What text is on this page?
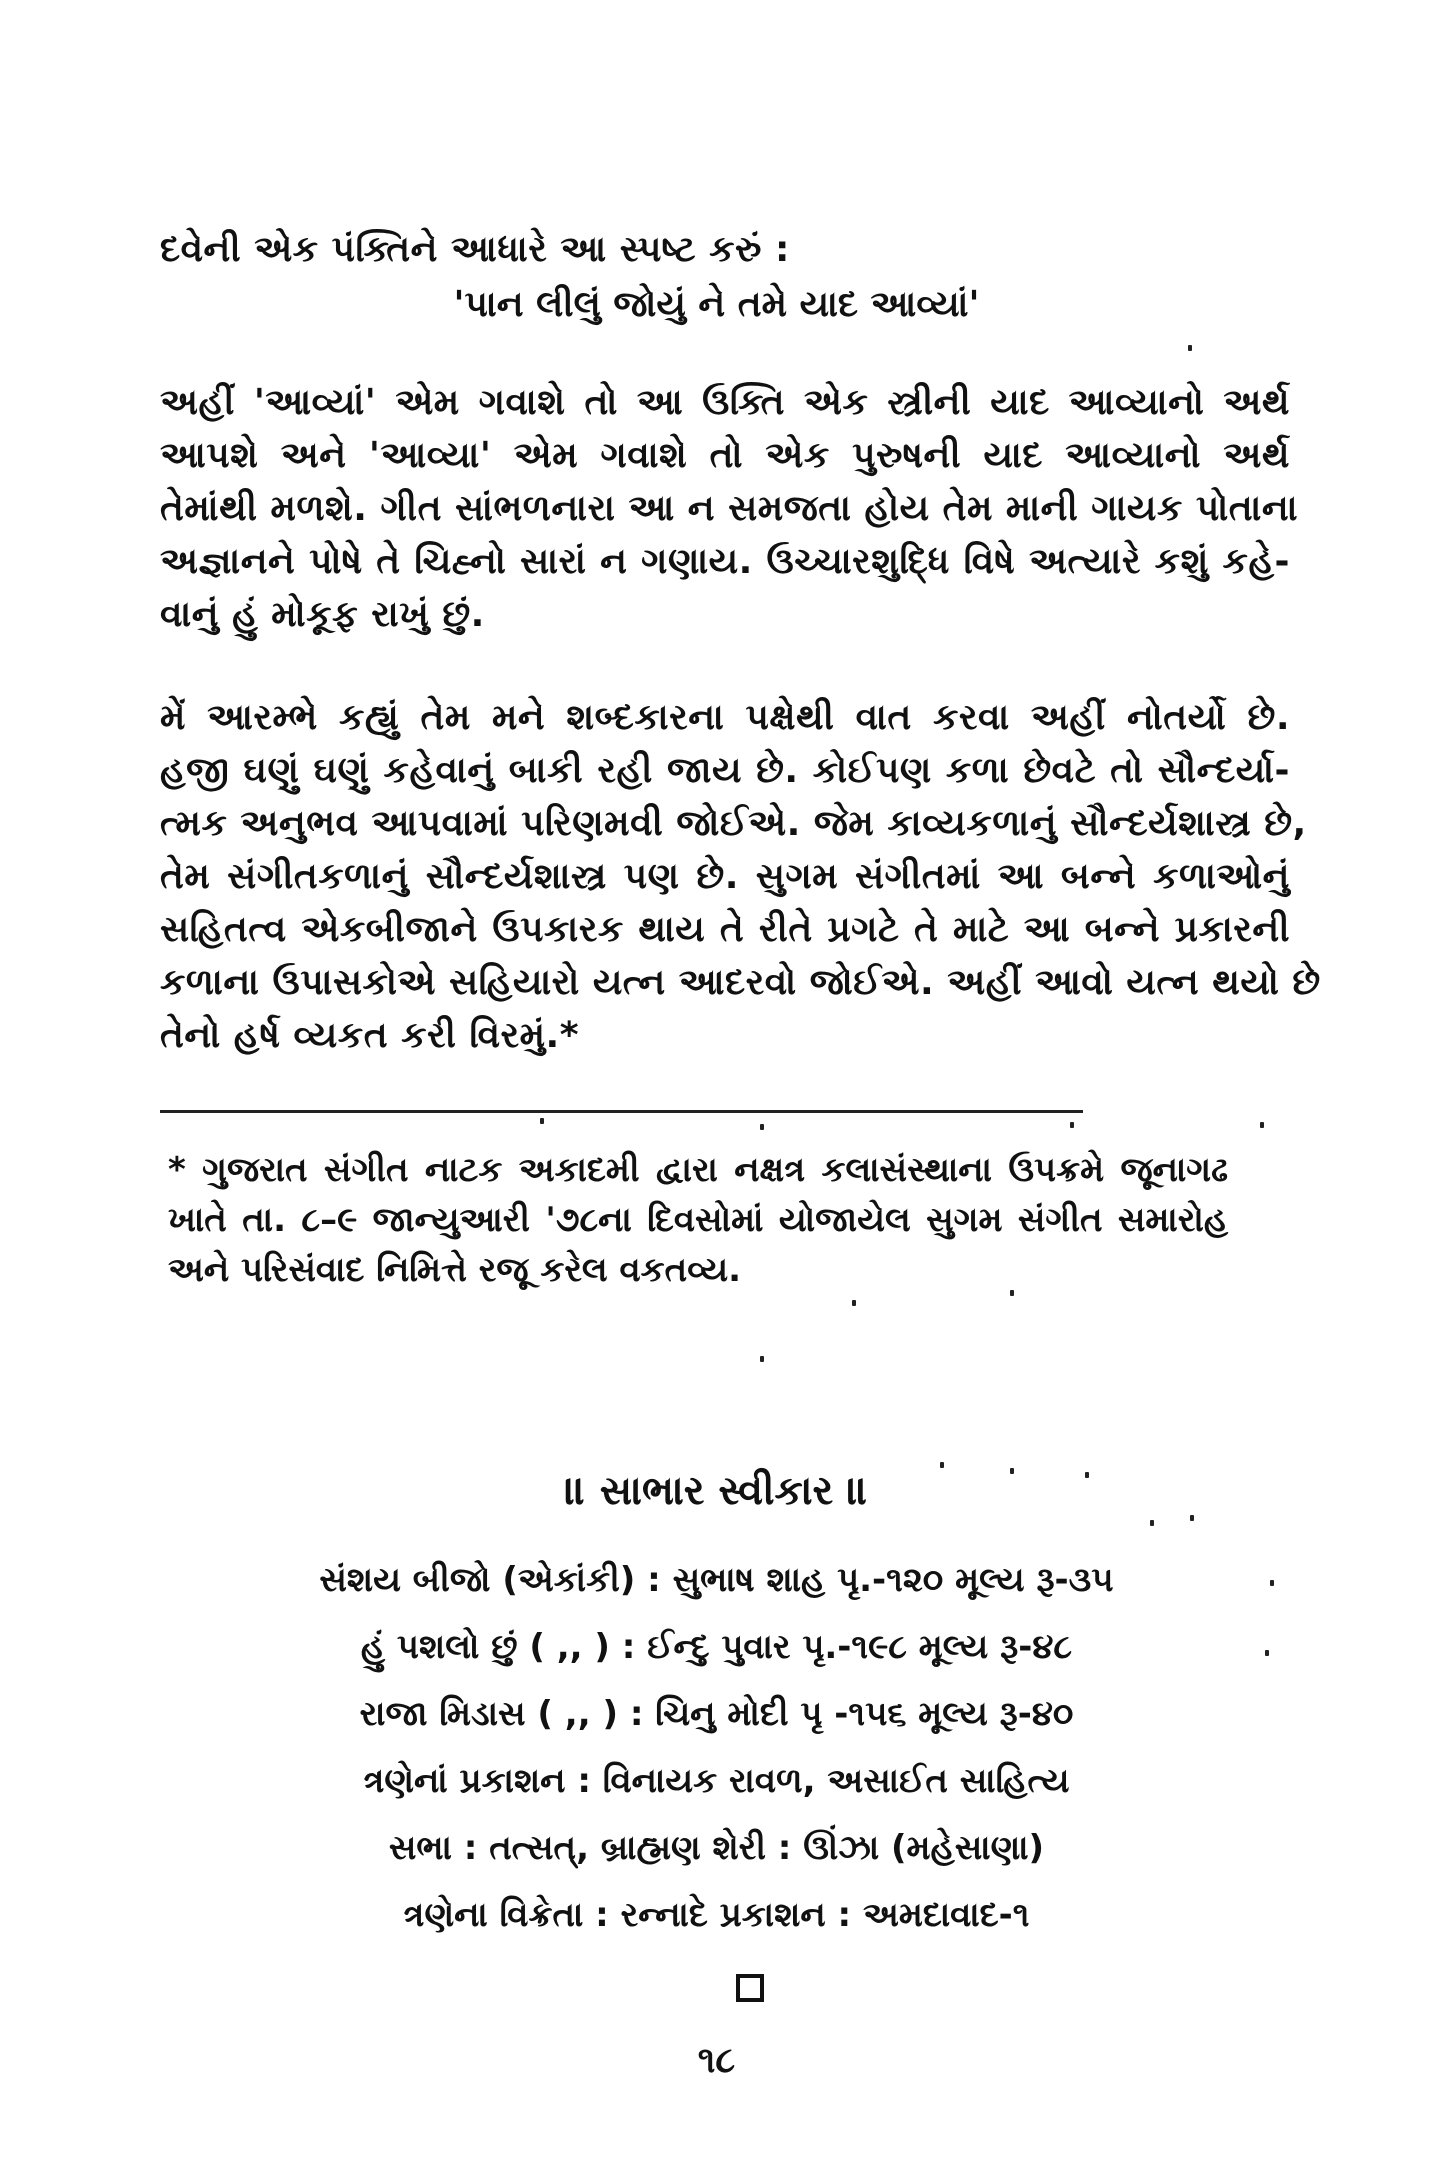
દવેની એક પંક્તિને આધારે આ સ્પષ્ટ કરું :
'પાન લીલું જોયું ને તમે યાદ આવ્યાં'
અહીં 'આવ્યાં' એમ ગવાશે તો આ ઉક્તિ એક સ્ત્રીની યાદ આવ્યાનો અર્થ
આપશે અને 'આવ્યા' એમ ગવાશે તો એક પુરુષની યાદ આવ્યાનો અર્થ
તેમાંથી મળશે. ગીત સાંભળનારા આ ન સમજતા હોય તેમ માની ગાયક પોતાના
અજ્ઞાનને પોષે તે ચિહ્નો સારાં ન ગણાય. ઉચ્ચારશુદ્ધિ વિષે અત્યારે કશું કહે-
વાનું હું મોકૂફ રાખું છું.
મેં આરમ્ભે કહ્યું તેમ મને શબ્દકારના પક્ષેથી વાત કરવા અહીં નોતર્યો છે.
હજી ઘણું ઘણું કહેવાનું બાકી રહી જાય છે. કોઈપણ કળા છેવટે તો સૌન્દર્યા-
ત્મક અનુભવ આપવામાં પરિણમવી જોઈએ. જેમ કાવ્યકળાનું સૌન્દર્યશાસ્ત્ર છે,
તેમ સંગીતકળાનું સૌન્દર્યશાસ્ત્ર પણ છે. સુગમ સંગીતમાં આ બન્ને કળાઓનું
સહિતત્વ એકબીજાને ઉપકારક થાય તે રીતે પ્રગટે તે માટે આ બન્ને પ્રકારની
કળાના ઉપાસકોએ સહિયારો યત્ન આદરવો જોઈએ. અહીં આવો યત્ન થયો છે
તેનો હર્ષ વ્યકત કરી વિરમું.*
* ગુજરાત સંગીત નાટક અકાદમી દ્વારા નક્ષત્ર કલાસંસ્થાના ઉપક્રમે જૂનાગઢ
ખાતે તા. ૮–૯ જાન્યુઆરી '૭૮ના દિવસોમાં યોજાયેલ સુગમ સંગીત સમારોહ
અને પરિસંવાદ નિમિત્તે રજૂ કરેલ વકતવ્ય.
॥ સાભાર સ્વીકાર ॥
સંશય બીજો (એકાંકી) : સુભાષ શાહ પૃ.-૧૨૦ મૂલ્ય રૂ-૩૫
હું પશલો છું ( ,, ) : ઈન્દુ પુવાર પૃ.-૧૯૮ મૂલ્ય રૂ-૪૮
રાજા મિડાસ ( ,, ) : ચિનુ મોદી પૃ -૧૫૬ મૂલ્ય રૂ-૪૦
ત્રણેનાં પ્રકાશન : વિનાયક રાવળ, અસાઈત સાહિત્ય
સભા : તત્સત્, બ્રાહ્મણ શેરી : ઊંઝા (મહેસાણા)
ત્રણેના વિક્રેતા : રન્નાદે પ્રકાશન : અમદાવાદ-૧
૧૮
